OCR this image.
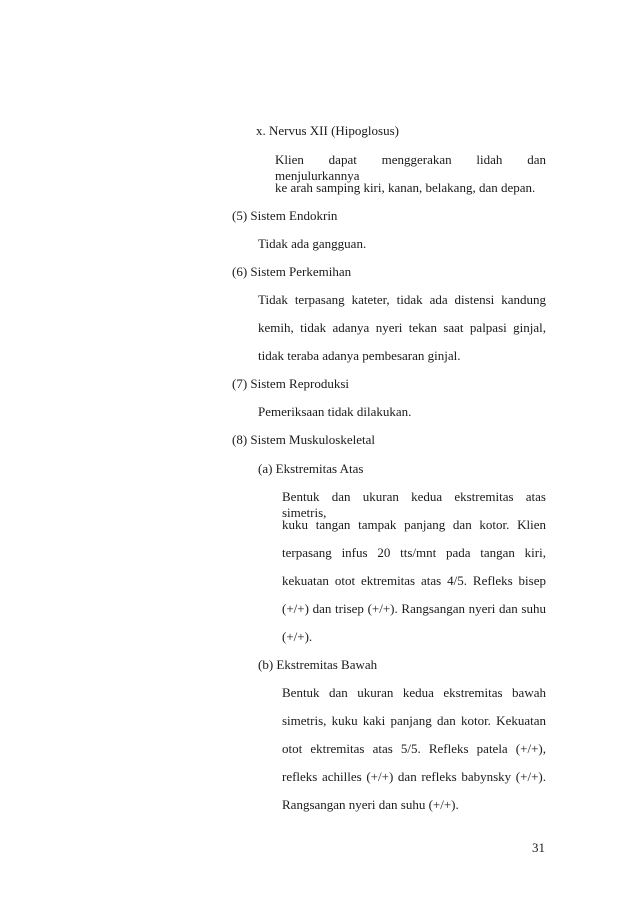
x. Nervus XII (Hipoglosus)
Klien dapat menggerakan lidah dan menjulurkannya
ke arah samping kiri, kanan, belakang, dan depan.
(5) Sistem Endokrin
Tidak ada gangguan.
(6) Sistem Perkemihan
Tidak terpasang kateter, tidak ada distensi kandung
kemih, tidak adanya nyeri tekan saat palpasi ginjal,
tidak teraba adanya pembesaran ginjal.
(7) Sistem Reproduksi
Pemeriksaan tidak dilakukan.
(8) Sistem Muskuloskeletal
(a) Ekstremitas Atas
Bentuk dan ukuran kedua ekstremitas atas simetris,
kuku tangan tampak panjang dan kotor. Klien
terpasang infus 20 tts/mnt pada tangan kiri,
kekuatan otot ektremitas atas 4/5. Refleks bisep
(+/+) dan trisep (+/+). Rangsangan nyeri dan suhu
(+/+).
(b) Ekstremitas Bawah
Bentuk dan ukuran kedua ekstremitas bawah
simetris, kuku kaki panjang dan kotor. Kekuatan
otot ektremitas atas 5/5. Refleks patela (+/+),
refleks achilles (+/+) dan refleks babynsky (+/+).
Rangsangan nyeri dan suhu (+/+).
31
